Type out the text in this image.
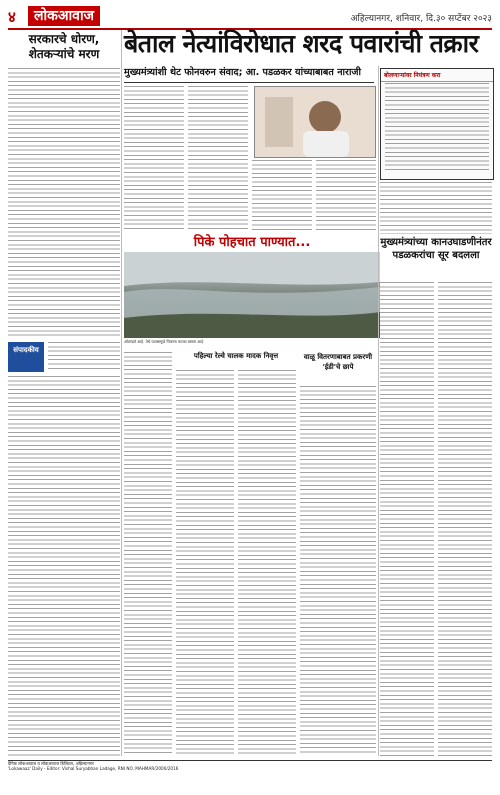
४	लोकआवाज	अहिल्यानगर, शनिवार, दि.३० सप्टेंबर २०२३
सरकारचे धोरण, शेतकऱ्यांचे मरण
संपादकीय
बेताल नेत्यांविरोधात शरद पवारांची तक्रार
मुख्यमंत्र्यांशी थेट फोनवरुन संवाद; आ. पडळकर यांच्याबाबत नाराजी	बोलणाऱ्यांवर नियंत्रण करा
पिके पोहचात पाण्यात...
ओलांडले आहे. तेथे पावसामुळे पिकांना फटका बसला आहे.
मुख्यमंत्र्यांच्या कानउघाडणीनंतर पडळकरांचा सूर बदलला
पहिल्या रेल्वे चालक मादक निवृत्त	वाळू वितरणाबाबत प्रकरणी 'ईडी'चे छापे
दैनिक लोकआवाज व लोकआवाज डिजिटल, अहिल्यानगर
'Lokawaaz' Daily - Editor: Vishal Suryabhan Ladage, RNI NO. MAHMAR/2000/2016
